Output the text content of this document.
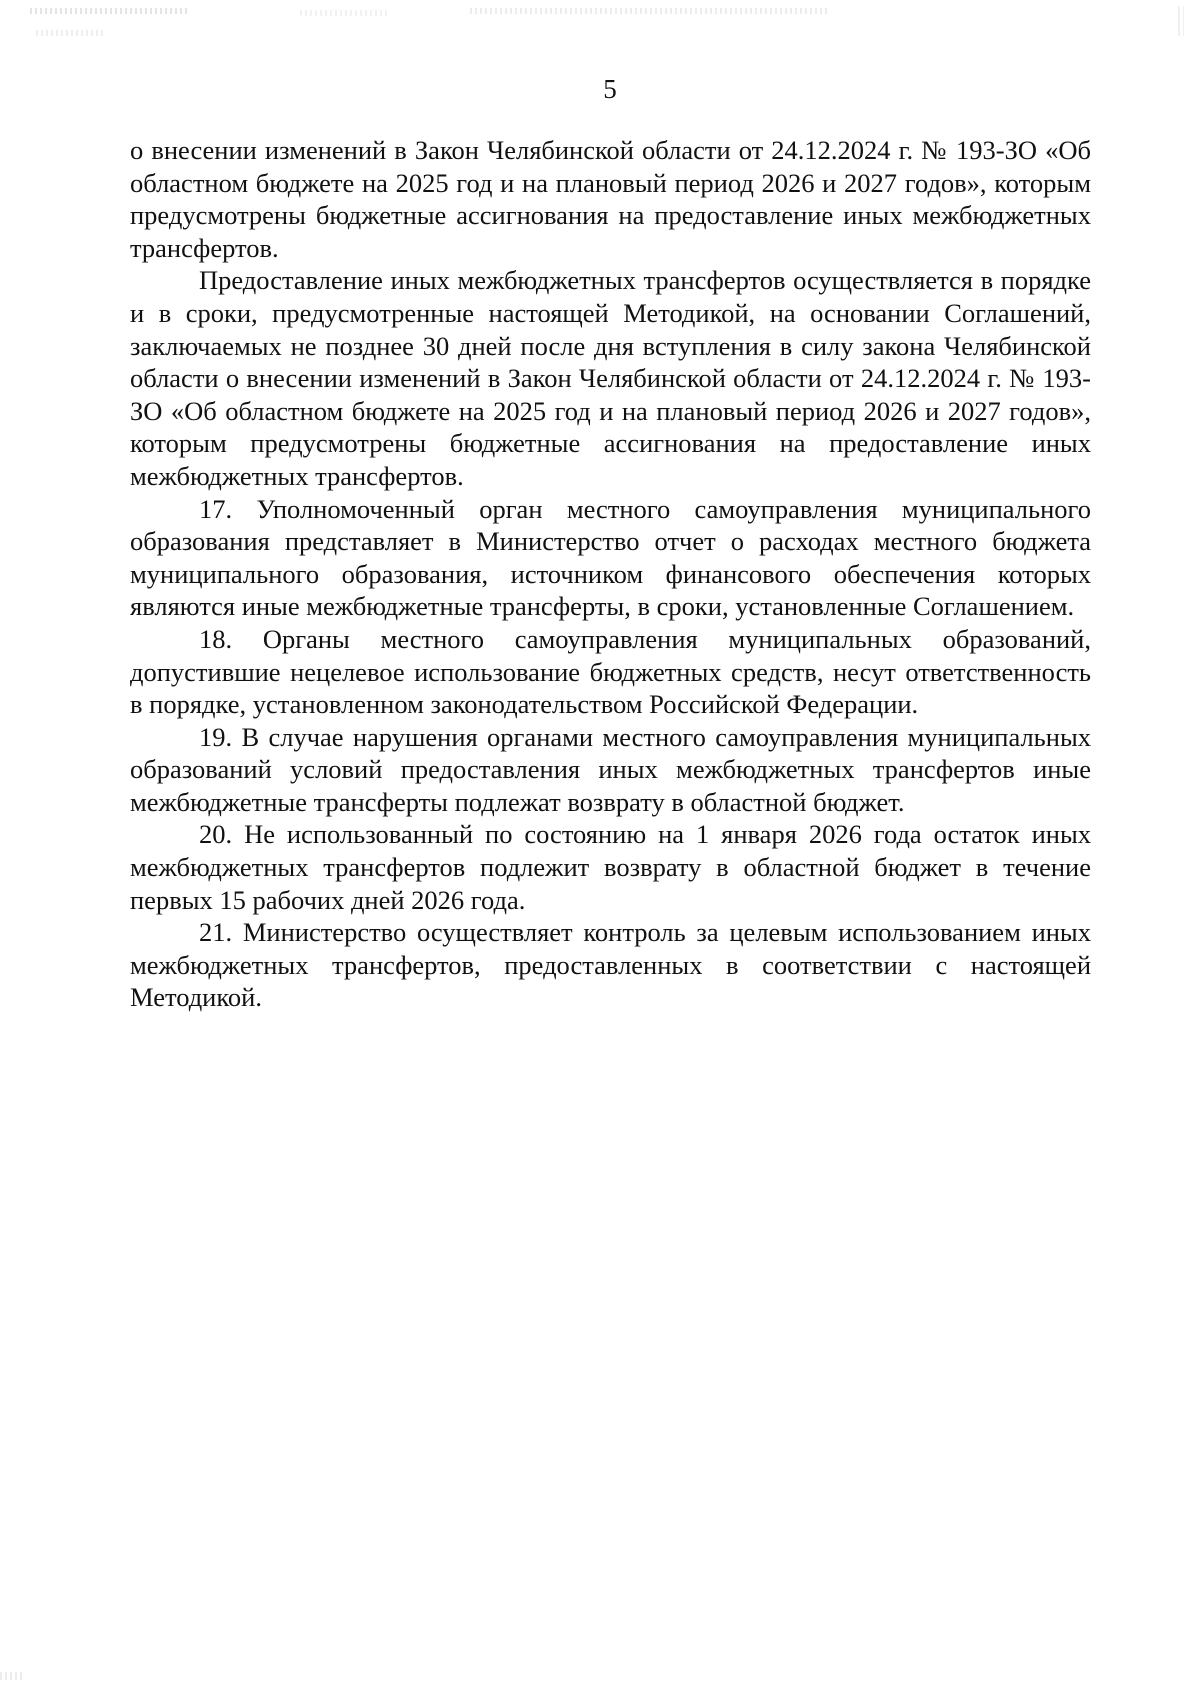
5

о внесении изменений в Закон Челябинской области от 24.12.2024 г. № 193-ЗО «Об областном бюджете на 2025 год и на плановый период 2026 и 2027 годов», которым предусмотрены бюджетные ассигнования на предоставление иных межбюджетных трансфертов.

Предоставление иных межбюджетных трансфертов осуществляется в порядке и в сроки, предусмотренные настоящей Методикой, на основании Соглашений, заключаемых не позднее 30 дней после дня вступления в силу закона Челябинской области о внесении изменений в Закон Челябинской области от 24.12.2024 г. № 193-ЗО «Об областном бюджете на 2025 год и на плановый период 2026 и 2027 годов», которым предусмотрены бюджетные ассигнования на предоставление иных межбюджетных трансфертов.

17. Уполномоченный орган местного самоуправления муниципального образования представляет в Министерство отчет о расходах местного бюджета муниципального образования, источником финансового обеспечения которых являются иные межбюджетные трансферты, в сроки, установленные Соглашением.

18. Органы местного самоуправления муниципальных образований, допустившие нецелевое использование бюджетных средств, несут ответственность в порядке, установленном законодательством Российской Федерации.

19. В случае нарушения органами местного самоуправления муниципальных образований условий предоставления иных межбюджетных трансфертов иные межбюджетные трансферты подлежат возврату в областной бюджет.

20. Не использованный по состоянию на 1 января 2026 года остаток иных межбюджетных трансфертов подлежит возврату в областной бюджет в течение первых 15 рабочих дней 2026 года.

21. Министерство осуществляет контроль за целевым использованием иных межбюджетных трансфертов, предоставленных в соответствии с настоящей Методикой.
